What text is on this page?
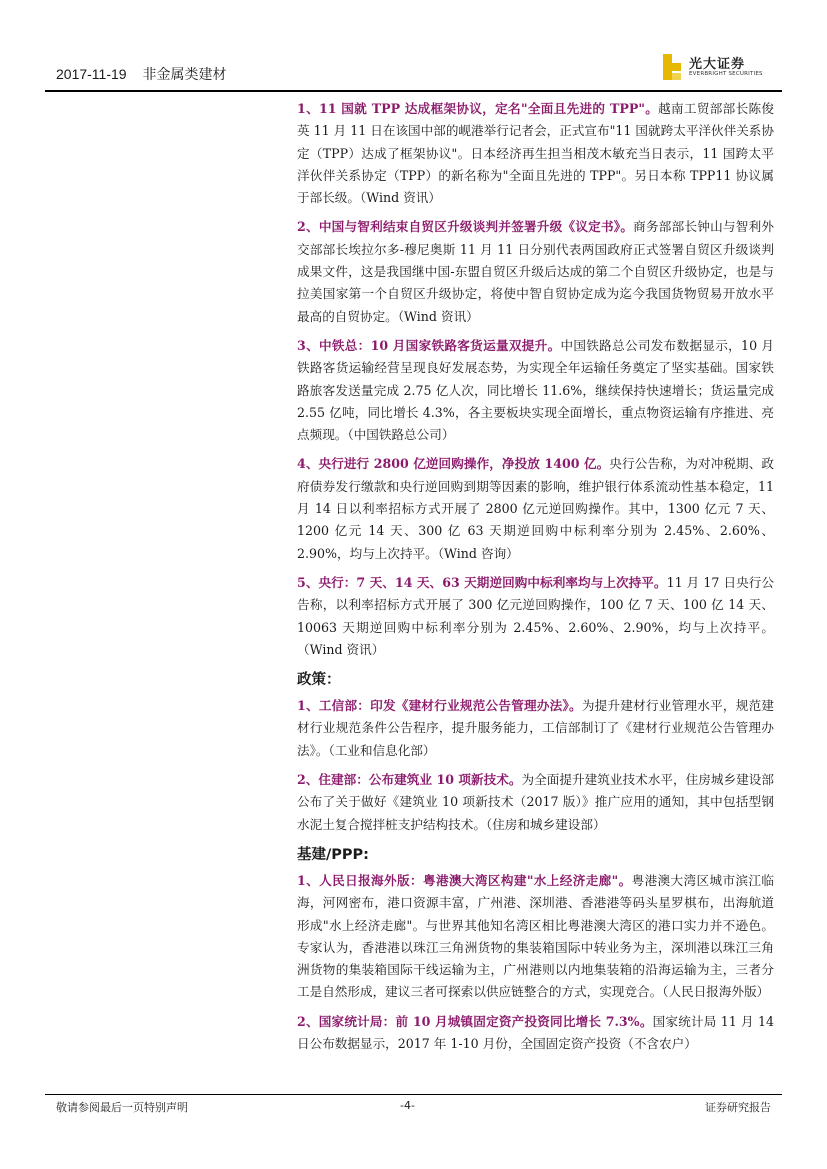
2017-11-19 非金属类建材
光大证券
EVERBRIGHT SECURITIES

1、11 国就 TPP 达成框架协议，定名"全面且先进的 TPP"。越南工贸部部长陈俊英 11 月 11 日在该国中部的岘港举行记者会，正式宣布"11 国就跨太平洋伙伴关系协定（TPP）达成了框架协议"。日本经济再生担当相茂木敏充当日表示，11 国跨太平洋伙伴关系协定（TPP）的新名称为"全面且先进的 TPP"。另日本称 TPP11 协议属于部长级。（Wind 资讯）

2、中国与智利结束自贸区升级谈判并签署升级《议定书》。商务部部长钟山与智利外交部部长埃拉尔多-穆尼奥斯 11 月 11 日分别代表两国政府正式签署自贸区升级谈判成果文件，这是我国继中国-东盟自贸区升级后达成的第二个自贸区升级协定，也是与拉美国家第一个自贸区升级协定，将使中智自贸协定成为迄今我国货物贸易开放水平最高的自贸协定。（Wind 资讯）

3、中铁总：10 月国家铁路客货运量双提升。中国铁路总公司发布数据显示，10 月铁路客货运输经营呈现良好发展态势，为实现全年运输任务奠定了坚实基础。国家铁路旅客发送量完成 2.75 亿人次，同比增长 11.6%，继续保持快速增长；货运量完成 2.55 亿吨，同比增长 4.3%，各主要板块实现全面增长，重点物资运输有序推进、亮点频现。（中国铁路总公司）

4、央行进行 2800 亿逆回购操作，净投放 1400 亿。央行公告称，为对冲税期、政府债券发行缴款和央行逆回购到期等因素的影响，维护银行体系流动性基本稳定，11 月 14 日以利率招标方式开展了 2800 亿元逆回购操作。其中，1300 亿元 7 天、1200 亿元 14 天、300 亿 63 天期逆回购中标利率分别为 2.45%、2.60%、2.90%，均与上次持平。（Wind 咨询）

5、央行：7 天、14 天、63 天期逆回购中标利率均与上次持平。11 月 17 日央行公告称，以利率招标方式开展了 300 亿元逆回购操作，100 亿 7 天、100 亿 14 天、10063 天期逆回购中标利率分别为 2.45%、2.60%、2.90%，均与上次持平。（Wind 资讯）

政策：

1、工信部：印发《建材行业规范公告管理办法》。为提升建材行业管理水平，规范建材行业规范条件公告程序，提升服务能力，工信部制订了《建材行业规范公告管理办法》。（工业和信息化部）

2、住建部：公布建筑业 10 项新技术。为全面提升建筑业技术水平，住房城乡建设部公布了关于做好《建筑业 10 项新技术（2017 版）》推广应用的通知，其中包括型钢水泥土复合搅拌桩支护结构技术。（住房和城乡建设部）

基建/PPP:

1、人民日报海外版：粤港澳大湾区构建"水上经济走廊"。粤港澳大湾区城市滨江临海，河网密布，港口资源丰富，广州港、深圳港、香港港等码头星罗棋布，出海航道形成"水上经济走廊"。与世界其他知名湾区相比粤港澳大湾区的港口实力并不逊色。专家认为，香港港以珠江三角洲货物的集装箱国际中转业务为主，深圳港以珠江三角洲货物的集装箱国际干线运输为主，广州港则以内地集装箱的沿海运输为主，三者分工是自然形成，建议三者可探索以供应链整合的方式，实现竞合。（人民日报海外版）

2、国家统计局：前 10 月城镇固定资产投资同比增长 7.3%。国家统计局 11 月 14 日公布数据显示，2017 年 1-10 月份，全国固定资产投资（不含农户）

敬请参阅最后一页特别声明	-4-	证券研究报告
